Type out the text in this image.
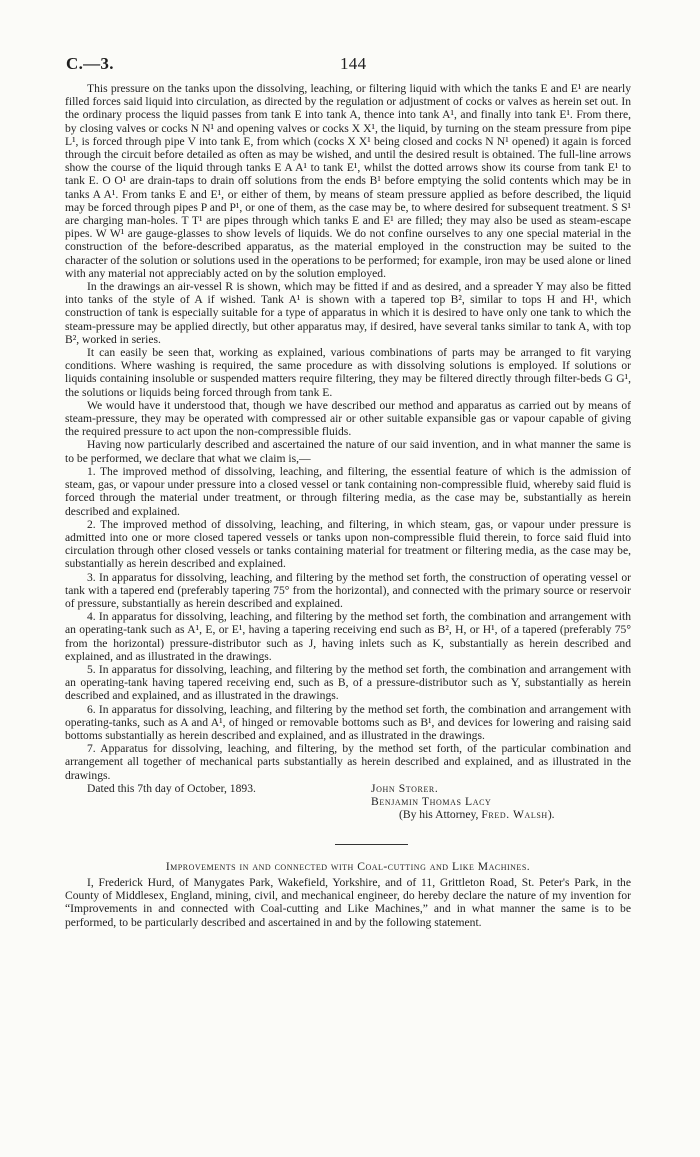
C.—3.	144

This pressure on the tanks upon the dissolving, leaching, or filtering liquid with which the tanks E and E¹ are nearly filled forces said liquid into circulation, as directed by the regulation or adjustment of cocks or valves as herein set out. In the ordinary process the liquid passes from tank E into tank A, thence into tank A¹, and finally into tank E¹. From there, by closing valves or cocks N N¹ and opening valves or cocks X X¹, the liquid, by turning on the steam pressure from pipe L¹, is forced through pipe V into tank E, from which (cocks X X¹ being closed and cocks N N¹ opened) it again is forced through the circuit before detailed as often as may be wished, and until the desired result is obtained. The full-line arrows show the course of the liquid through tanks E A A¹ to tank E¹, whilst the dotted arrows show its course from tank E¹ to tank E. O O¹ are drain-taps to drain off solutions from the ends B¹ before emptying the solid contents which may be in tanks A A¹. From tanks E and E¹, or either of them, by means of steam pressure applied as before described, the liquid may be forced through pipes P and P¹, or one of them, as the case may be, to where desired for subsequent treatment. S S¹ are charging man-holes. T T¹ are pipes through which tanks E and E¹ are filled; they may also be used as steam-escape pipes. W W¹ are gauge-glasses to show levels of liquids. We do not confine ourselves to any one special material in the construction of the before-described apparatus, as the material employed in the construction may be suited to the character of the solution or solutions used in the operations to be performed; for example, iron may be used alone or lined with any material not appreciably acted on by the solution employed.

In the drawings an air-vessel R is shown, which may be fitted if and as desired, and a spreader Y may also be fitted into tanks of the style of A if wished. Tank A¹ is shown with a tapered top B², similar to tops H and H¹, which construction of tank is especially suitable for a type of apparatus in which it is desired to have only one tank to which the steam-pressure may be applied directly, but other apparatus may, if desired, have several tanks similar to tank A, with top B², worked in series.

It can easily be seen that, working as explained, various combinations of parts may be arranged to fit varying conditions. Where washing is required, the same procedure as with dissolving solutions is employed. If solutions or liquids containing insoluble or suspended matters require filtering, they may be filtered directly through filter-beds G G¹, the solutions or liquids being forced through from tank E.

We would have it understood that, though we have described our method and apparatus as carried out by means of steam-pressure, they may be operated with compressed air or other suitable expansible gas or vapour capable of giving the required pressure to act upon the non-compressible fluids.

Having now particularly described and ascertained the nature of our said invention, and in what manner the same is to be performed, we declare that what we claim is,—

1. The improved method of dissolving, leaching, and filtering, the essential feature of which is the admission of steam, gas, or vapour under pressure into a closed vessel or tank containing non-compressible fluid, whereby said fluid is forced through the material under treatment, or through filtering media, as the case may be, substantially as herein described and explained.

2. The improved method of dissolving, leaching, and filtering, in which steam, gas, or vapour under pressure is admitted into one or more closed tapered vessels or tanks upon non-compressible fluid therein, to force said fluid into circulation through other closed vessels or tanks containing material for treatment or filtering media, as the case may be, substantially as herein described and explained.

3. In apparatus for dissolving, leaching, and filtering by the method set forth, the construction of operating vessel or tank with a tapered end (preferably tapering 75° from the horizontal), and connected with the primary source or reservoir of pressure, substantially as herein described and explained.

4. In apparatus for dissolving, leaching, and filtering by the method set forth, the combination and arrangement with an operating-tank such as A¹, E, or E¹, having a tapering receiving end such as B², H, or H¹, of a tapered (preferably 75° from the horizontal) pressure-distributor such as J, having inlets such as K, substantially as herein described and explained, and as illustrated in the drawings.

5. In apparatus for dissolving, leaching, and filtering by the method set forth, the combination and arrangement with an operating-tank having tapered receiving end, such as B, of a pressure-distributor such as Y, substantially as herein described and explained, and as illustrated in the drawings.

6. In apparatus for dissolving, leaching, and filtering by the method set forth, the combination and arrangement with operating-tanks, such as A and A¹, of hinged or removable bottoms such as B¹, and devices for lowering and raising said bottoms substantially as herein described and explained, and as illustrated in the drawings.

7. Apparatus for dissolving, leaching, and filtering, by the method set forth, of the particular combination and arrangement all together of mechanical parts substantially as herein described and explained, and as illustrated in the drawings.

Dated this 7th day of October, 1893.	John Storer.
Benjamin Thomas Lacy
(By his Attorney, Fred. Walsh).

Improvements in and connected with Coal-cutting and Like Machines.

I, Frederick Hurd, of Manygates Park, Wakefield, Yorkshire, and of 11, Grittleton Road, St. Peter's Park, in the County of Middlesex, England, mining, civil, and mechanical engineer, do hereby declare the nature of my invention for “Improvements in and connected with Coal-cutting and Like Machines,” and in what manner the same is to be performed, to be particularly described and ascertained in and by the following statement.
